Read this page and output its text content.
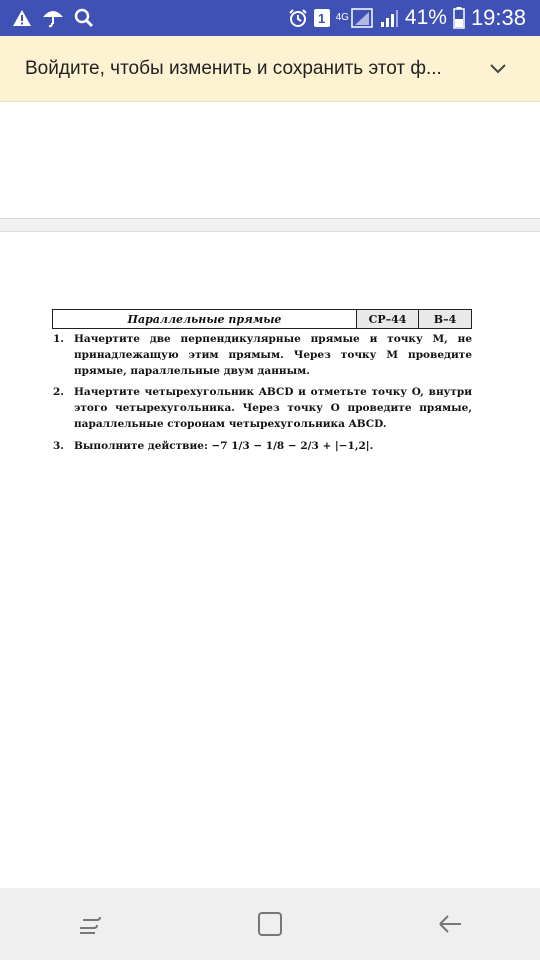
1	4G	41% 19:38
Войдите, чтобы изменить и сохранить этот ф...
Параллельные прямые	СР–44	В–4
1. Начертите две перпендикулярные прямые и точку M, не принадлежащую этим прямым. Через точку M проведите прямые, параллельные двум данным.
2. Начертите четырехугольник ABCD и отметьте точку O, внутри этого четырехугольника. Через точку O проведите прямые, параллельные сторонам четырехугольника ABCD.
3. Выполните действие: −7 1/3 − 1/8 − 2/3 + |−1,2|.
